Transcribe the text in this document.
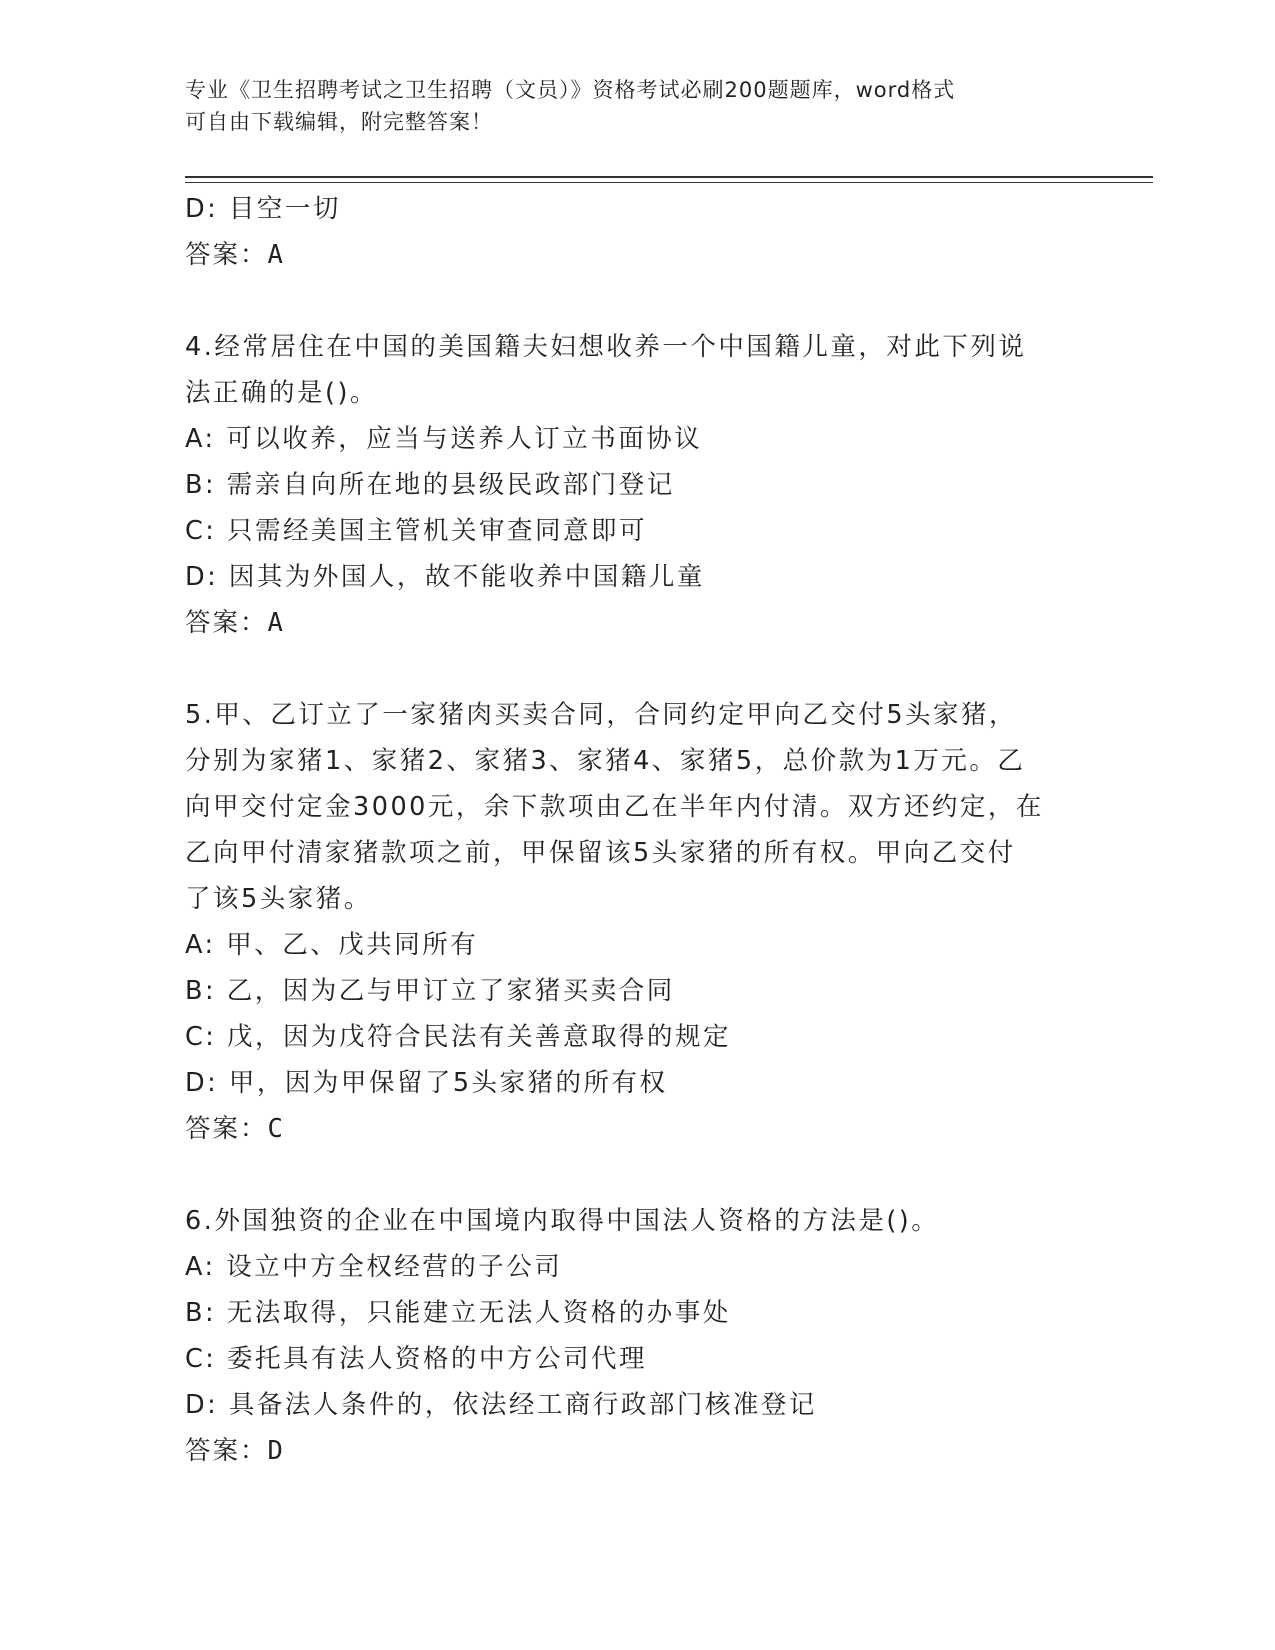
专业《卫生招聘考试之卫生招聘（文员）》资格考试必刷200题题库，word格式
可自由下载编辑，附完整答案！
D: 目空一切
答案：A
4.经常居住在中国的美国籍夫妇想收养一个中国籍儿童，对此下列说
法正确的是()。
A: 可以收养，应当与送养人订立书面协议
B: 需亲自向所在地的县级民政部门登记
C: 只需经美国主管机关审查同意即可
D: 因其为外国人，故不能收养中国籍儿童
答案：A
5.甲、乙订立了一家猪肉买卖合同，合同约定甲向乙交付5头家猪，
分别为家猪1、家猪2、家猪3、家猪4、家猪5，总价款为1万元。乙
向甲交付定金3000元，余下款项由乙在半年内付清。双方还约定，在
乙向甲付清家猪款项之前，甲保留该5头家猪的所有权。甲向乙交付
了该5头家猪。
A: 甲、乙、戊共同所有
B: 乙，因为乙与甲订立了家猪买卖合同
C: 戊，因为戊符合民法有关善意取得的规定
D: 甲，因为甲保留了5头家猪的所有权
答案：C
6.外国独资的企业在中国境内取得中国法人资格的方法是()。
A: 设立中方全权经营的子公司
B: 无法取得，只能建立无法人资格的办事处
C: 委托具有法人资格的中方公司代理
D: 具备法人条件的，依法经工商行政部门核准登记
答案：D
